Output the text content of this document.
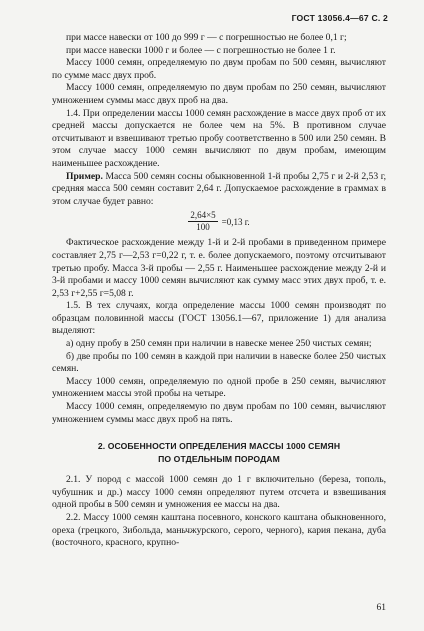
ГОСТ 13056.4—67 С. 2

при массе навески от 100 до 999 г — с погрешностью не более 0,1 г;

при массе навески 1000 г и более — с погрешностью не более 1 г.

Массу 1000 семян, определяемую по двум пробам по 500 семян, вычисляют по сумме масс двух проб.

Массу 1000 семян, определяемую по двум пробам по 250 семян, вычисляют умножением суммы масс двух проб на два.

1.4. При определении массы 1000 семян расхождение в массе двух проб от их средней массы допускается не более чем на 5%. В противном случае отсчитывают и взвешивают третью пробу соответственно в 500 или 250 семян. В этом случае массу 1000 семян вычисляют по двум пробам, имеющим наименьшее расхождение.

Пример. Масса 500 семян сосны обыкновенной 1-й пробы 2,75 г и 2-й 2,53 г, средняя масса 500 семян составит 2,64 г. Допускаемое расхождение в граммах в этом случае будет равно:

$\frac{2,64\times 5}{100} =0,13$ г.

Фактическое расхождение между 1-й и 2-й пробами в приведенном примере составляет 2,75 г—2,53 г=0,22 г, т. е. более допускаемого, поэтому отсчитывают третью пробу. Масса 3-й пробы — 2,55 г. Наименьшее расхождение между 2-й и 3-й пробами и массу 1000 семян вычисляют как сумму масс этих двух проб, т. е. 2,53 г+2,55 г=5,08 г.

1.5. В тех случаях, когда определение массы 1000 семян производят по образцам половинной массы (ГОСТ 13056.1—67, приложение 1) для анализа выделяют:

а) одну пробу в 250 семян при наличии в навеске менее 250 чистых семян;

б) две пробы по 100 семян в каждой при наличии в навеске более 250 чистых семян.

Массу 1000 семян, определяемую по одной пробе в 250 семян, вычисляют умножением массы этой пробы на четыре.

Массу 1000 семян, определяемую по двум пробам по 100 семян, вычисляют умножением суммы масс двух проб на пять.

2. ОСОБЕННОСТИ ОПРЕДЕЛЕНИЯ МАССЫ 1000 СЕМЯН
ПО ОТДЕЛЬНЫМ ПОРОДАМ

2.1. У пород с массой 1000 семян до 1 г включительно (береза, тополь, чубушник и др.) массу 1000 семян определяют путем отсчета и взвешивания одной пробы в 500 семян и умножения ее массы на два.

2.2. Массу 1000 семян каштана посевного, конского каштана обыкновенного, ореха (грецкого, Зибольда, маньчжурского, серого, черного), кария пекана, дуба (восточного, красного, крупно-

61
